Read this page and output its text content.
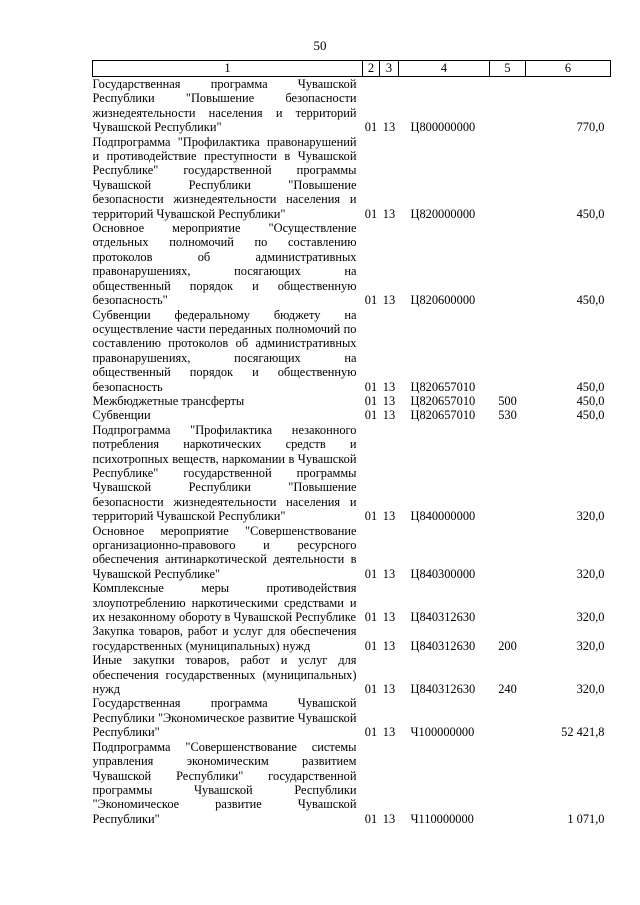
50
1	2	3	4	5	6
Государственная программа Чувашской Республики "Повышение безопасности жизнедеятельности населения и территорий Чувашской Республики"	01	13	Ц800000000		770,0
Подпрограмма "Профилактика правонарушений и противодействие преступности в Чувашской Республике" государственной программы Чувашской Республики "Повышение безопасности жизнедеятельности населения и территорий Чувашской Республики"	01	13	Ц820000000		450,0
Основное мероприятие "Осуществление отдельных полномочий по составлению протоколов об административных правонарушениях, посягающих на общественный порядок и общественную безопасность"	01	13	Ц820600000		450,0
Субвенции федеральному бюджету на осуществление части переданных полномочий по составлению протоколов об административных правонарушениях, посягающих на общественный порядок и общественную безопасность	01	13	Ц820657010		450,0
Межбюджетные трансферты	01	13	Ц820657010	500	450,0
Субвенции	01	13	Ц820657010	530	450,0
Подпрограмма "Профилактика незаконного потребления наркотических средств и психотропных веществ, наркомании в Чувашской Республике" государственной программы Чувашской Республики "Повышение безопасности жизнедеятельности населения и территорий Чувашской Республики"	01	13	Ц840000000		320,0
Основное мероприятие "Совершенствование организационно-правового и ресурсного обеспечения антинаркотической деятельности в Чувашской Республике"	01	13	Ц840300000		320,0
Комплексные меры противодействия злоупотреблению наркотическими средствами и их незаконному обороту в Чувашской Республике	01	13	Ц840312630		320,0
Закупка товаров, работ и услуг для обеспечения государственных (муниципальных) нужд	01	13	Ц840312630	200	320,0
Иные закупки товаров, работ и услуг для обеспечения государственных (муниципальных) нужд	01	13	Ц840312630	240	320,0
Государственная программа Чувашской Республики "Экономическое развитие Чувашской Республики"	01	13	Ч100000000		52 421,8
Подпрограмма "Совершенствование системы управления экономическим развитием Чувашской Республики" государственной программы Чувашской Республики "Экономическое развитие Чувашской Республики"	01	13	Ч110000000		1 071,0
